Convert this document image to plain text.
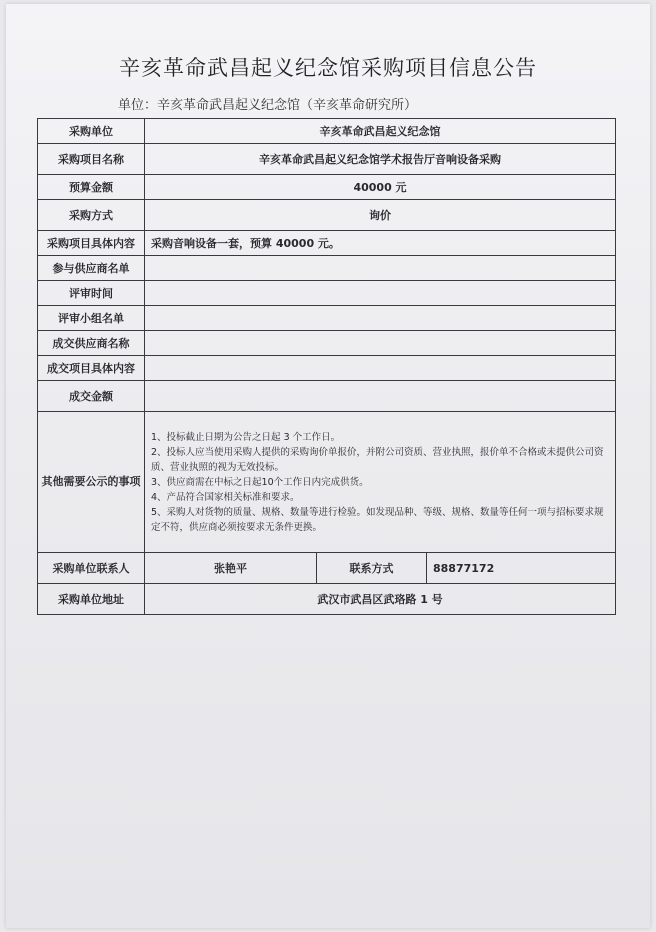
辛亥革命武昌起义纪念馆采购项目信息公告
单位：辛亥革命武昌起义纪念馆（辛亥革命研究所）
采购单位	辛亥革命武昌起义纪念馆		
采购项目名称	辛亥革命武昌起义纪念馆学术报告厅音响设备采购		
预算金额	40000 元		
采购方式	询价		
采购项目具体内容	采购音响设备一套，预算 40000 元。		
参与供应商名单			
评审时间			
评审小组名单			
成交供应商名称			
成交项目具体内容			
成交金额			
其他需要公示的事项	1、投标截止日期为公告之日起 3 个工作日。
2、投标人应当使用采购人提供的采购询价单报价，并附公司资质、营业执照，报价单不合格或未提供公司资质、营业执照的视为无效投标。
3、供应商需在中标之日起10个工作日内完成供货。
4、产品符合国家相关标准和要求。
5、采购人对货物的质量、规格、数量等进行检验。如发现品种、等级、规格、数量等任何一项与招标要求规定不符，供应商必须按要求无条件更换。		

采购单位联系人	张艳平	联系方式	88877172
采购单位地址	武汉市武昌区武珞路 1 号		
